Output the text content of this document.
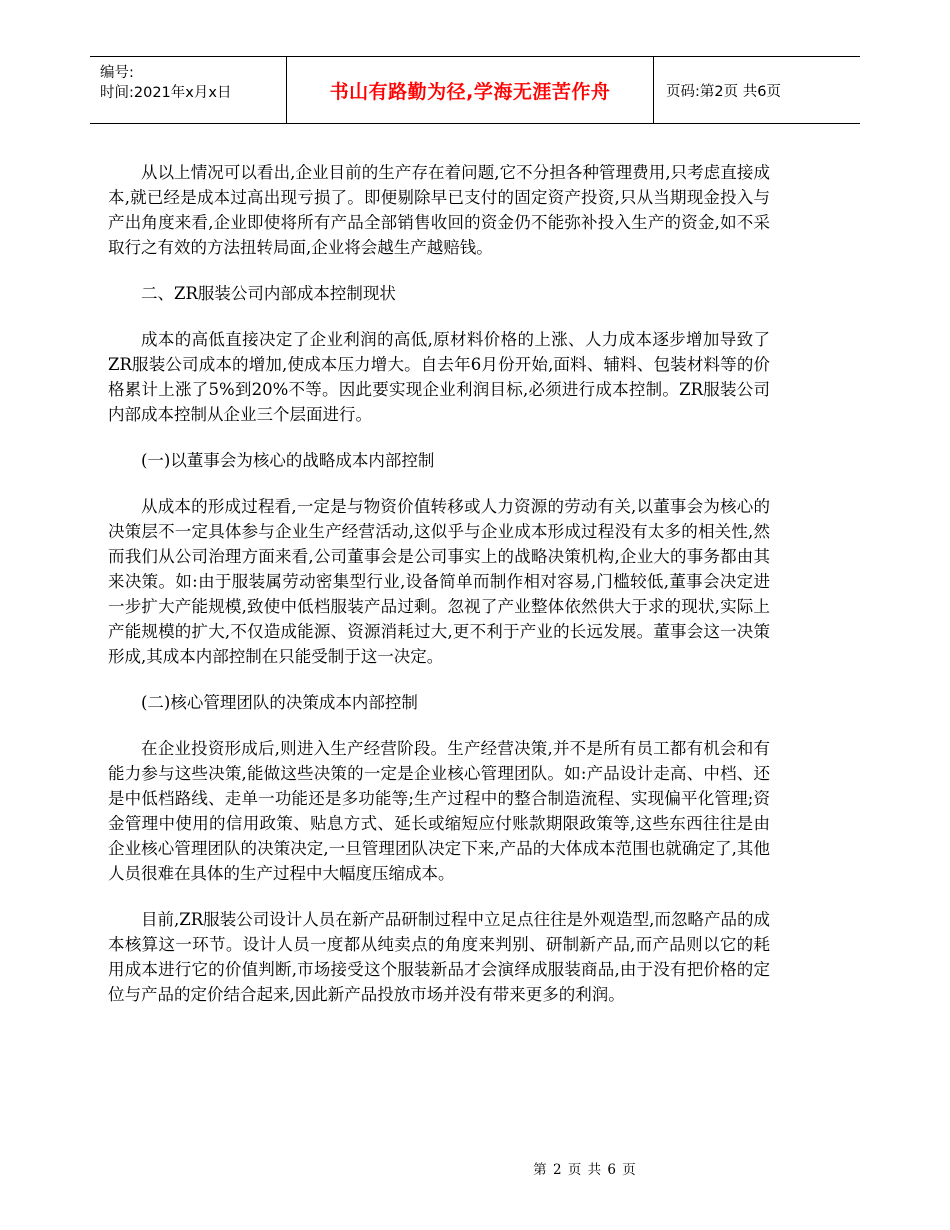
编号:
时间:2021年x月x日	书山有路勤为径,学海无涯苦作舟	页码:第2页 共6页

从以上情况可以看出,企业目前的生产存在着问题,它不分担各种管理费用,只考虑直接成本,就已经是成本过高出现亏损了。即便剔除早已支付的固定资产投资,只从当期现金投入与产出角度来看,企业即使将所有产品全部销售收回的资金仍不能弥补投入生产的资金,如不采取行之有效的方法扭转局面,企业将会越生产越赔钱。

二、ZR服装公司内部成本控制现状

成本的高低直接决定了企业利润的高低,原材料价格的上涨、人力成本逐步增加导致了ZR服装公司成本的增加,使成本压力增大。自去年6月份开始,面料、辅料、包装材料等的价格累计上涨了5%到20%不等。因此要实现企业利润目标,必须进行成本控制。ZR服装公司内部成本控制从企业三个层面进行。

(一)以董事会为核心的战略成本内部控制

从成本的形成过程看,一定是与物资价值转移或人力资源的劳动有关,以董事会为核心的决策层不一定具体参与企业生产经营活动,这似乎与企业成本形成过程没有太多的相关性,然而我们从公司治理方面来看,公司董事会是公司事实上的战略决策机构,企业大的事务都由其来决策。如:由于服装属劳动密集型行业,设备简单而制作相对容易,门槛较低,董事会决定进一步扩大产能规模,致使中低档服装产品过剩。忽视了产业整体依然供大于求的现状,实际上产能规模的扩大,不仅造成能源、资源消耗过大,更不利于产业的长远发展。董事会这一决策形成,其成本内部控制在只能受制于这一决定。

(二)核心管理团队的决策成本内部控制

在企业投资形成后,则进入生产经营阶段。生产经营决策,并不是所有员工都有机会和有能力参与这些决策,能做这些决策的一定是企业核心管理团队。如:产品设计走高、中档、还是中低档路线、走单一功能还是多功能等;生产过程中的整合制造流程、实现偏平化管理;资金管理中使用的信用政策、贴息方式、延长或缩短应付账款期限政策等,这些东西往往是由企业核心管理团队的决策决定,一旦管理团队决定下来,产品的大体成本范围也就确定了,其他人员很难在具体的生产过程中大幅度压缩成本。

目前,ZR服装公司设计人员在新产品研制过程中立足点往往是外观造型,而忽略产品的成本核算这一环节。设计人员一度都从纯卖点的角度来判别、研制新产品,而产品则以它的耗用成本进行它的价值判断,市场接受这个服装新品才会演绎成服装商品,由于没有把价格的定位与产品的定价结合起来,因此新产品投放市场并没有带来更多的利润。

第 2 页 共 6 页
